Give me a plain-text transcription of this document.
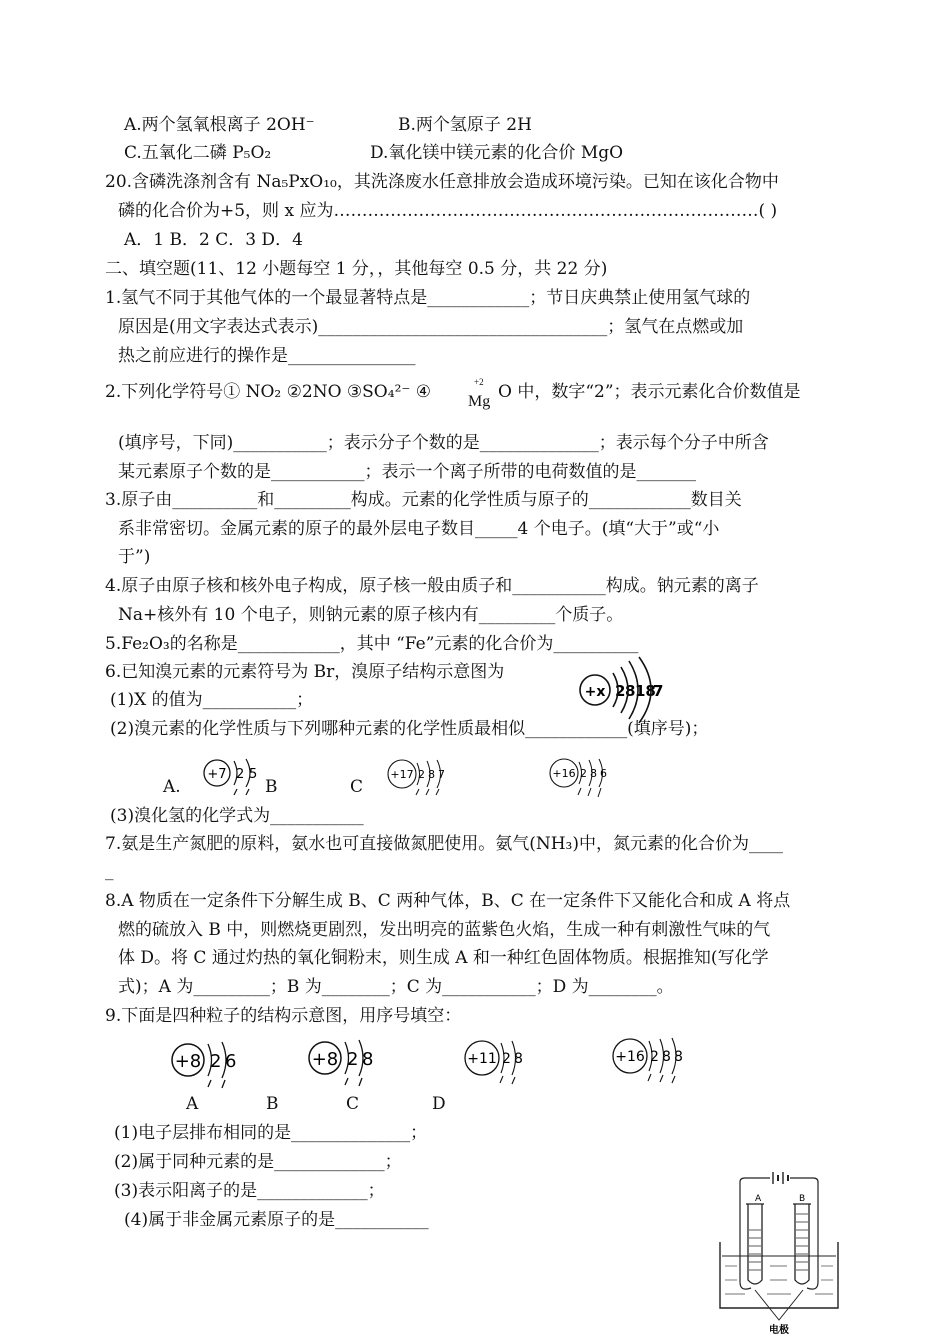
A.两个氢氧根离子 2OH⁻	B.两个氢原子 2H
C.五氧化二磷 P₅O₂	D.氧化镁中镁元素的化合价 MgO
20.含磷洗涤剂含有 Na₅PxO₁₀，其洗涤废水任意排放会造成环境污染。已知在该化合物中
磷的化合价为+5，则 x 应为…………………………………………………………………( )
A．1 B．2 C．3 D．4
二、填空题(11、12 小题每空 1 分，，其他每空 0.5 分，共 22 分)
1.氢气不同于其他气体的一个最显著特点是____________；节日庆典禁止使用氢气球的
原因是(用文字表达式表示)__________________________________；氢气在点燃或加
热之前应进行的操作是_______________
2.下列化学符号① NO₂ ②2NO ③SO₄²⁻ ④	+2
Mg O 中，数字“2”；表示元素化合价数值是
(填序号，下同)___________；表示分子个数的是______________；表示每个分子中所含
某元素原子个数的是___________；表示一个离子所带的电荷数值的是_______
3.原子由__________和_________构成。元素的化学性质与原子的____________数目关
系非常密切。金属元素的原子的最外层电子数目_____4 个电子。(填“大于”或“小
于”)
4.原子由原子核和核外电子构成，原子核一般由质子和___________构成。钠元素的离子
Na+核外有 10 个电子，则钠元素的原子核内有_________个质子。
5.Fe₂O₃的名称是____________，其中 “Fe”元素的化合价为__________
6.已知溴元素的元素符号为 Br，溴原子结构示意图为
(1)X 的值为___________；
(2)溴元素的化学性质与下列哪种元素的化学性质最相似____________(填序号)；
+x 2 8 18
7
A.
+7 2 5
B	C
+17 2 8 7	+16 2 8 6
(3)溴化氢的化学式为___________
7.氨是生产氮肥的原料，氨水也可直接做氮肥使用。氨气(NH₃)中，氮元素的化合价为____
_
8.A 物质在一定条件下分解生成 B、C 两种气体，B、C 在一定条件下又能化合和成 A 将点
燃的硫放入 B 中，则燃烧更剧烈，发出明亮的蓝紫色火焰，生成一种有刺激性气味的气
体 D。将 C 通过灼热的氧化铜粉末，则生成 A 和一种红色固体物质。根据推知(写化学
式)；A 为_________；B 为________；C 为___________；D 为________。
9.下面是四种粒子的结构示意图，用序号填空：
+8 2 6	+8 2 8	+11 2 8	+16 2 8 8
A	B	C	D
(1)电子层排布相同的是______________；
(2)属于同种元素的是_____________；
(3)表示阳离子的是_____________；
(4)属于非金属元素原子的是___________
A	B
电极
